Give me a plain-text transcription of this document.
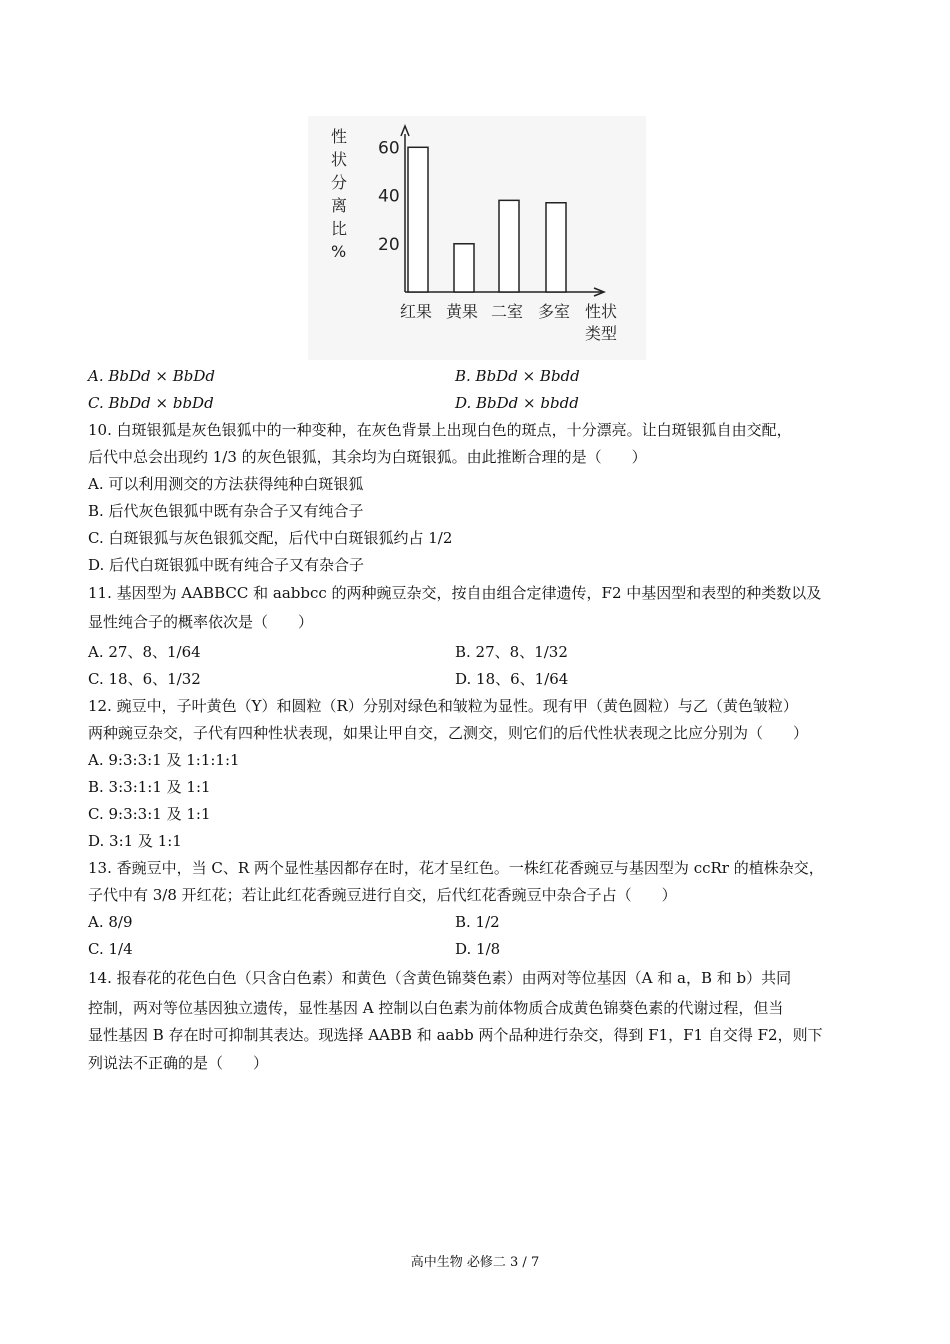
20
40
60
性
状
分
离
比
%
红果 黄果 二室 多室 性状
类型
A. BbDd × BbDd	B. BbDd × Bbdd
C. BbDd × bbDd	D. BbDd × bbdd
10. 白斑银狐是灰色银狐中的一种变种，在灰色背景上出现白色的斑点，十分漂亮。让白斑银狐自由交配，
后代中总会出现约 1/3 的灰色银狐，其余均为白斑银狐。由此推断合理的是（　　）
A. 可以利用测交的方法获得纯种白斑银狐
B. 后代灰色银狐中既有杂合子又有纯合子
C. 白斑银狐与灰色银狐交配，后代中白斑银狐约占 1/2
D. 后代白斑银狐中既有纯合子又有杂合子
11. 基因型为 AABBCC 和 aabbcc 的两种豌豆杂交，按自由组合定律遗传，F2 中基因型和表型的种类数以及
显性纯合子的概率依次是（　　）
A. 27、8、1/64	B. 27、8、1/32
C. 18、6、1/32	D. 18、6、1/64
12. 豌豆中，子叶黄色（Y）和圆粒（R）分别对绿色和皱粒为显性。现有甲（黄色圆粒）与乙（黄色皱粒）
两种豌豆杂交，子代有四种性状表现，如果让甲自交，乙测交，则它们的后代性状表现之比应分别为（　　）
A. 9:3:3:1 及 1:1:1:1
B. 3:3:1:1 及 1:1
C. 9:3:3:1 及 1:1
D. 3:1 及 1:1
13. 香豌豆中，当 C、R 两个显性基因都存在时，花才呈红色。一株红花香豌豆与基因型为 ccRr 的植株杂交，
子代中有 3/8 开红花；若让此红花香豌豆进行自交，后代红花香豌豆中杂合子占（　　）
A. 8/9	B. 1/2
C. 1/4	D. 1/8
14. 报春花的花色白色（只含白色素）和黄色（含黄色锦葵色素）由两对等位基因（A 和 a，B 和 b）共同
控制，两对等位基因独立遗传，显性基因 A 控制以白色素为前体物质合成黄色锦葵色素的代谢过程，但当
显性基因 B 存在时可抑制其表达。现选择 AABB 和 aabb 两个品种进行杂交，得到 F1，F1 自交得 F2，则下
列说法不正确的是（　　）
高中生物 必修二 3 / 7
